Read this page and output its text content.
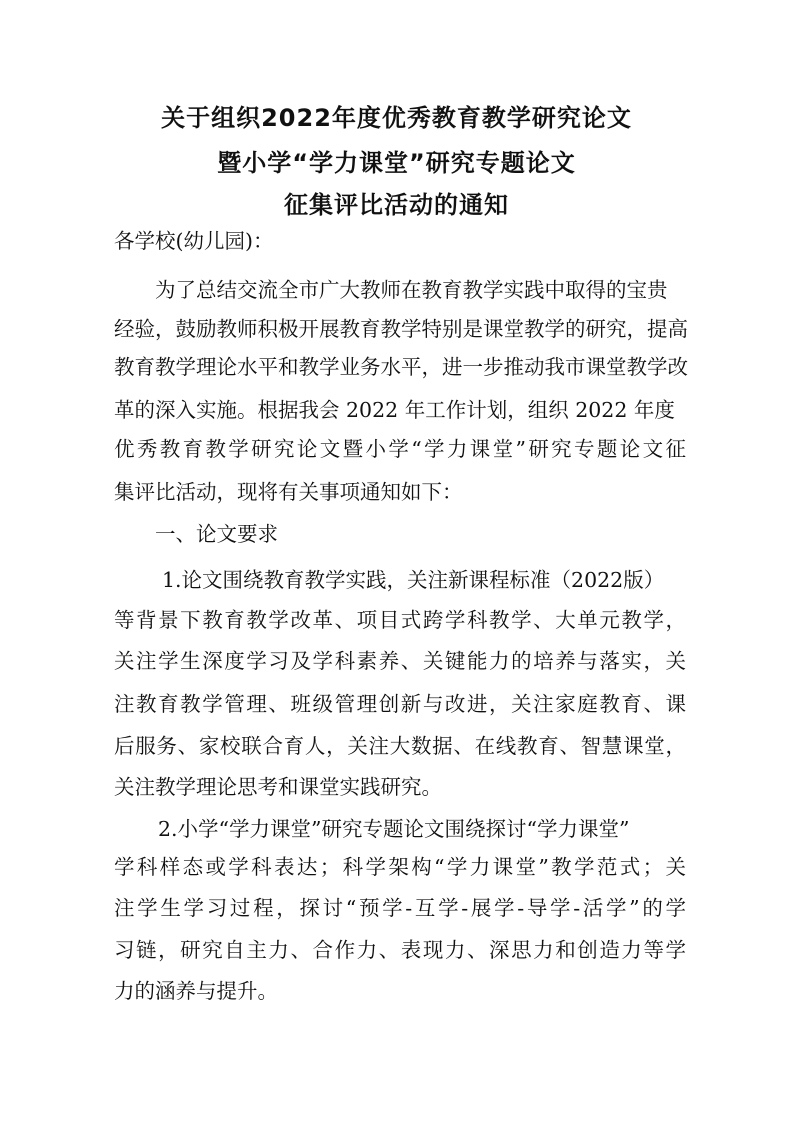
关于组织2022年度优秀教育教学研究论文
暨小学“学力课堂”研究专题论文
征集评比活动的通知
各学校(幼儿园)：
为了总结交流全市广大教师在教育教学实践中取得的宝贵
经验，鼓励教师积极开展教育教学特别是课堂教学的研究，提高
教育教学理论水平和教学业务水平，进一步推动我市课堂教学改
革的深入实施。根据我会 2022 年工作计划，组织 2022 年度
优秀教育教学研究论文暨小学“学力课堂”研究专题论文征
集评比活动，现将有关事项通知如下：
一、论文要求
1.论文围绕教育教学实践，关注新课程标准（2022版）
等背景下教育教学改革、项目式跨学科教学、大单元教学，
关注学生深度学习及学科素养、关键能力的培养与落实，关
注教育教学管理、班级管理创新与改进，关注家庭教育、课
后服务、家校联合育人，关注大数据、在线教育、智慧课堂，
关注教学理论思考和课堂实践研究。
2.小学“学力课堂”研究专题论文围绕探讨“学力课堂”
学科样态或学科表达；科学架构“学力课堂”教学范式；关
注学生学习过程，探讨“预学-互学-展学-导学-活学”的学
习链，研究自主力、合作力、表现力、深思力和创造力等学
力的涵养与提升。
